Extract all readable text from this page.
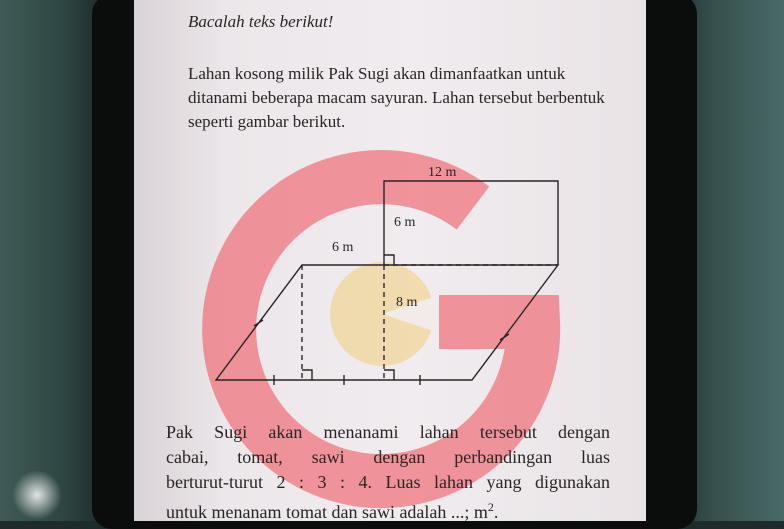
Bacalah teks berikut!
Lahan kosong milik Pak Sugi akan dimanfaatkan untuk ditanami beberapa macam sayuran. Lahan tersebut berbentuk seperti gambar berikut.
12 m
6 m
6 m
8 m
Pak Sugi akan menanami lahan tersebut dengan
cabai, tomat, sawi dengan perbandingan luas
berturut-turut 2 : 3 : 4. Luas lahan yang digunakan
untuk menanam tomat dan sawi adalah ...; $m^2$.
